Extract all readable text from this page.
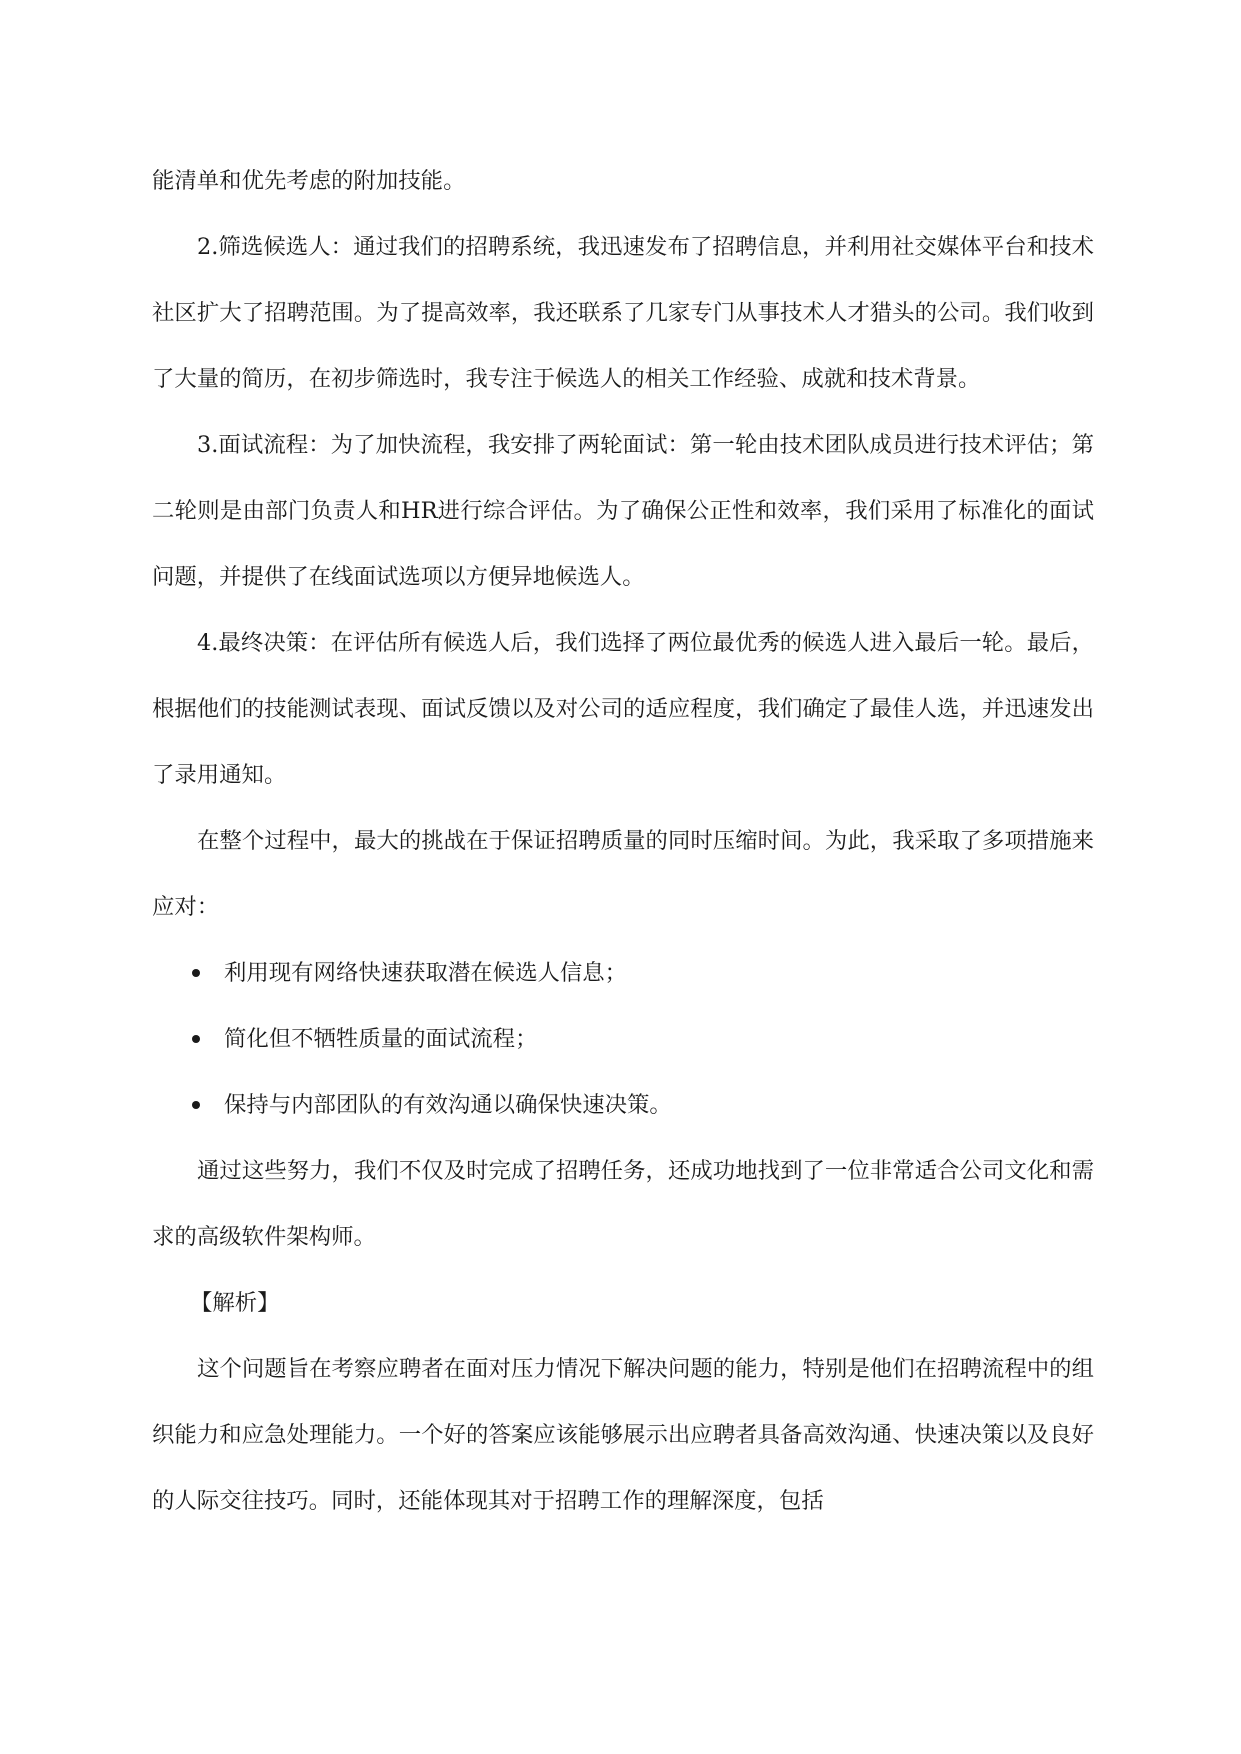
能清单和优先考虑的附加技能。

2.筛选候选人：通过我们的招聘系统，我迅速发布了招聘信息，并利用社交媒体平台和技术社区扩大了招聘范围。为了提高效率，我还联系了几家专门从事技术人才猎头的公司。我们收到了大量的简历，在初步筛选时，我专注于候选人的相关工作经验、成就和技术背景。

3.面试流程：为了加快流程，我安排了两轮面试：第一轮由技术团队成员进行技术评估；第二轮则是由部门负责人和HR进行综合评估。为了确保公正性和效率，我们采用了标准化的面试问题，并提供了在线面试选项以方便异地候选人。

4.最终决策：在评估所有候选人后，我们选择了两位最优秀的候选人进入最后一轮。最后，根据他们的技能测试表现、面试反馈以及对公司的适应程度，我们确定了最佳人选，并迅速发出了录用通知。

在整个过程中，最大的挑战在于保证招聘质量的同时压缩时间。为此，我采取了多项措施来应对：

利用现有网络快速获取潜在候选人信息；
简化但不牺牲质量的面试流程；
保持与内部团队的有效沟通以确保快速决策。

通过这些努力，我们不仅及时完成了招聘任务，还成功地找到了一位非常适合公司文化和需求的高级软件架构师。

【解析】

这个问题旨在考察应聘者在面对压力情况下解决问题的能力，特别是他们在招聘流程中的组织能力和应急处理能力。一个好的答案应该能够展示出应聘者具备高效沟通、快速决策以及良好的人际交往技巧。同时，还能体现其对于招聘工作的理解深度，包括
